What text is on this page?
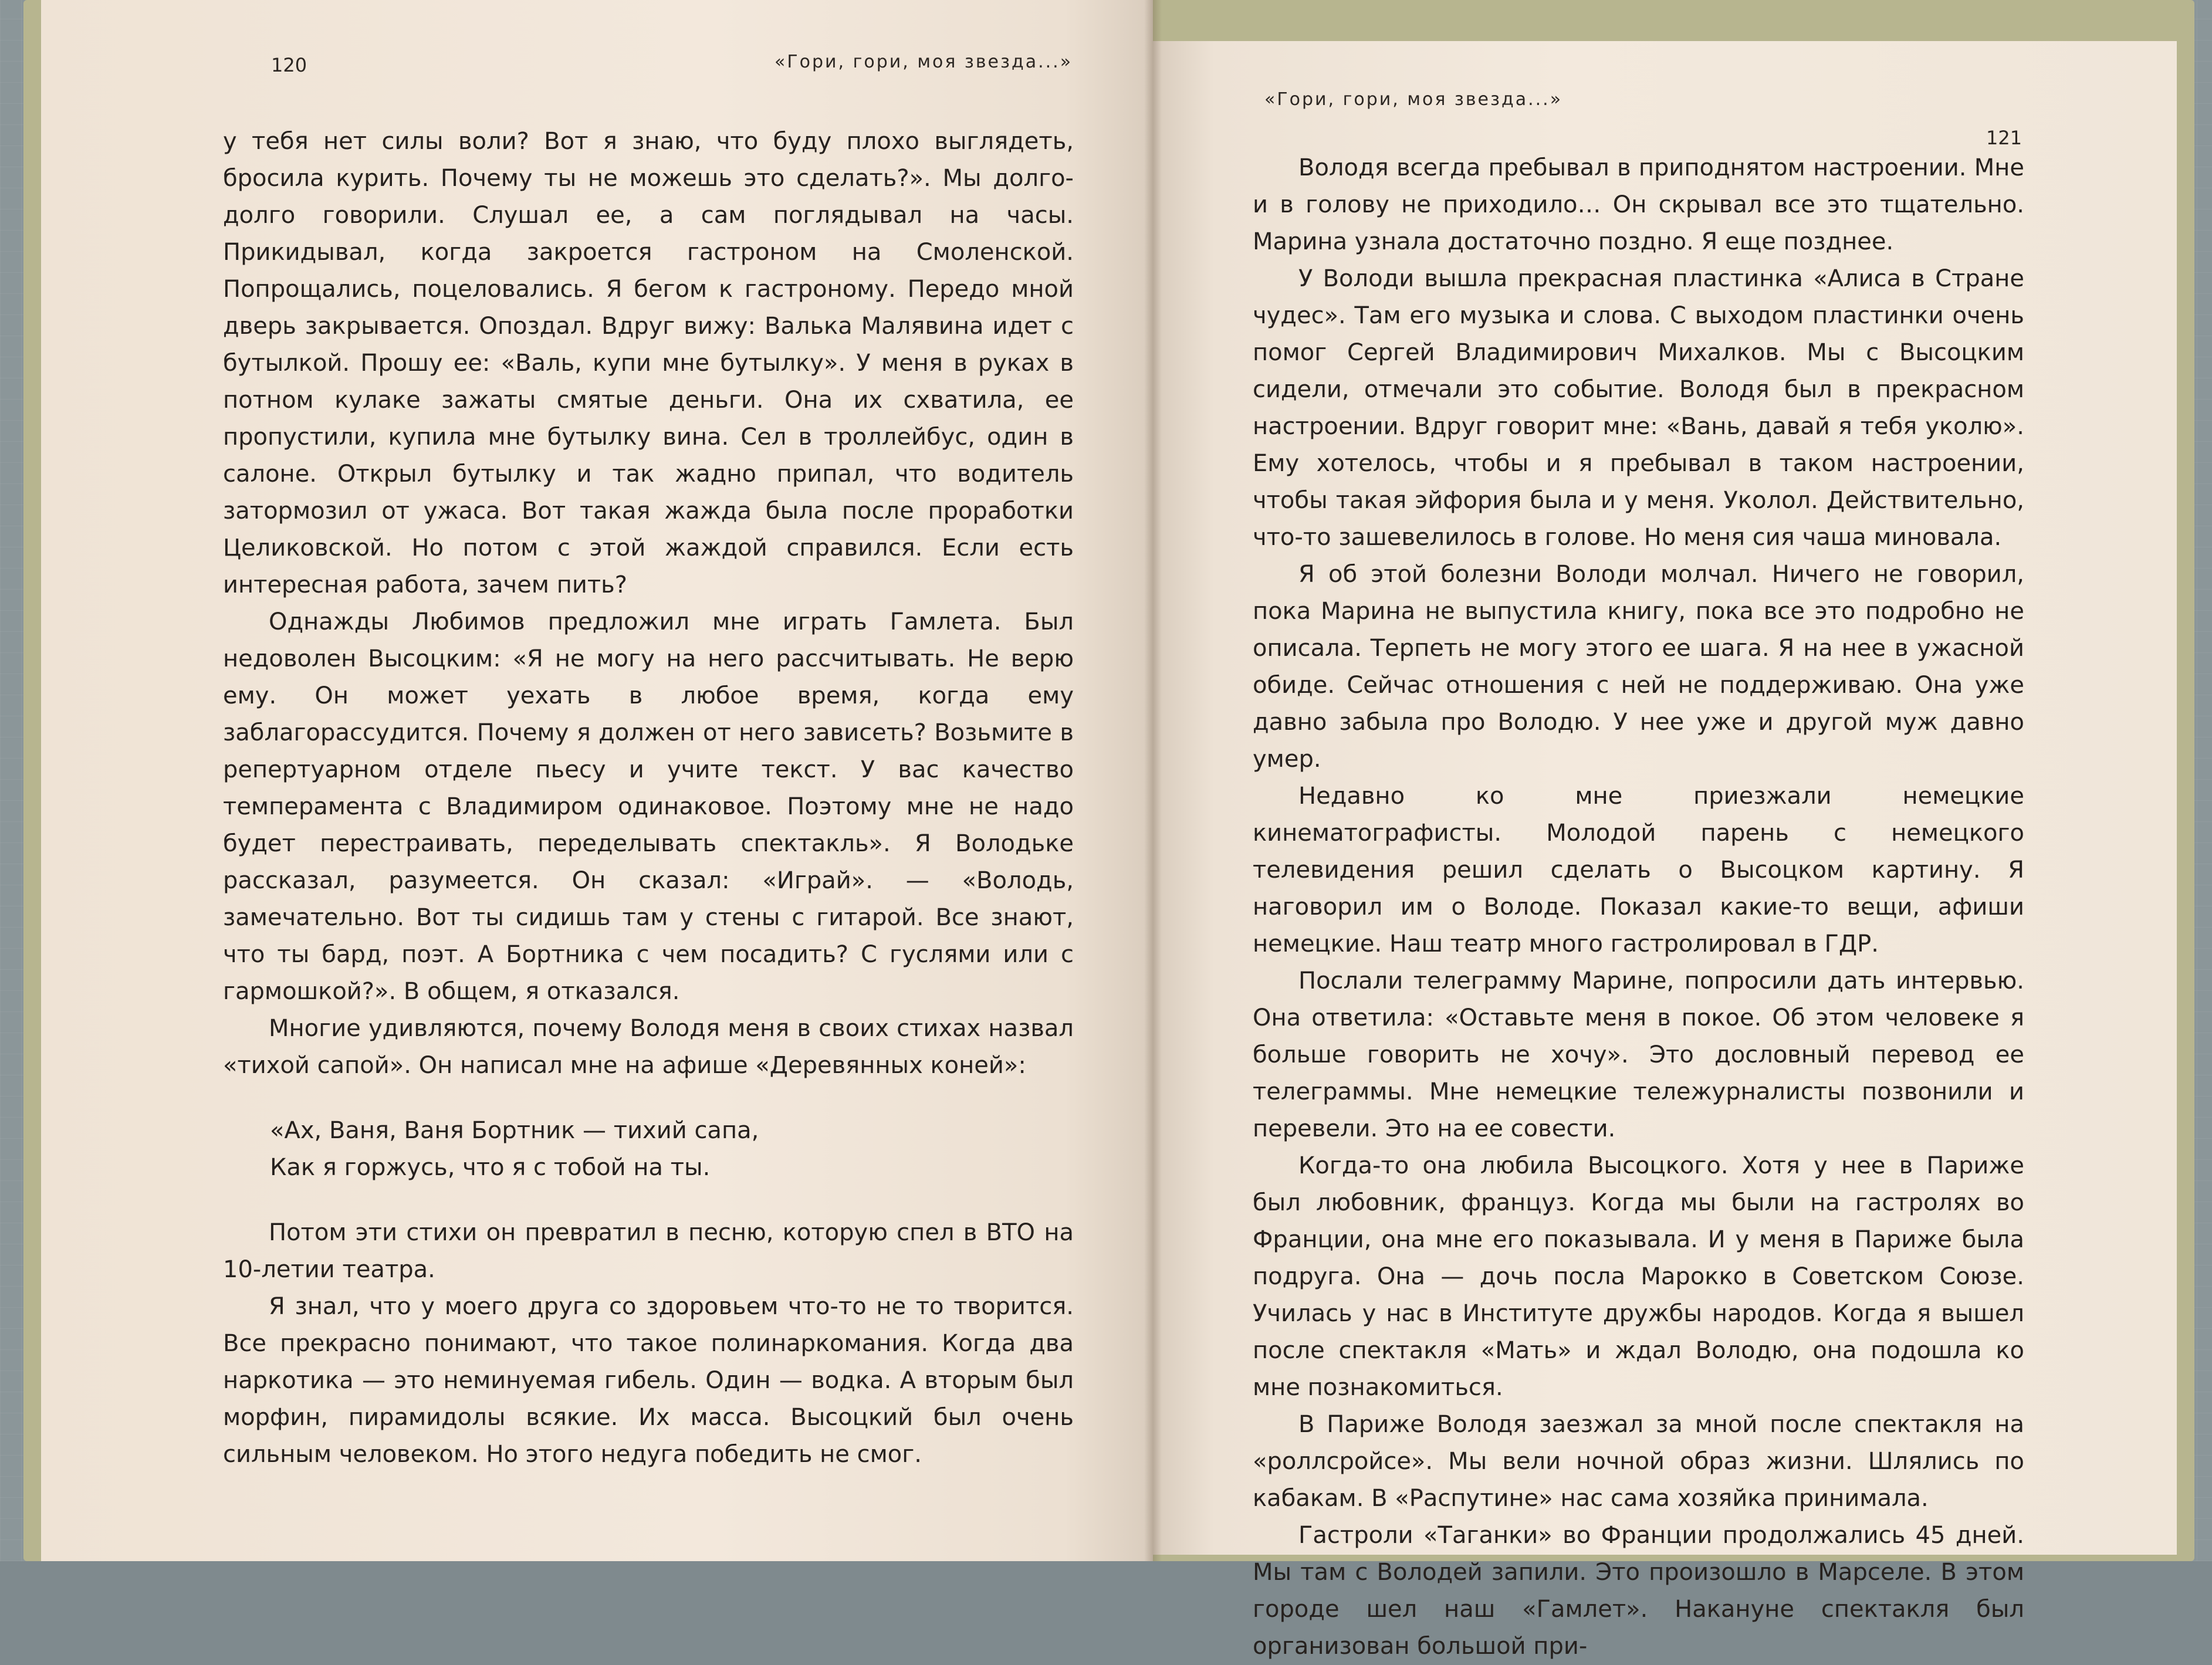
120	«Гори, гори, моя звезда...»
«Гори, гори, моя звезда...»
121

у тебя нет силы воли? Вот я знаю, что буду плохо выглядеть, бросила курить. Почему ты не можешь это сделать?». Мы долго-долго говорили. Слушал ее, а сам поглядывал на часы. Прикидывал, когда закроется гастроном на Смоленской. Попрощались, поцеловались. Я бегом к гастроному. Передо мной дверь закрывается. Опоздал. Вдруг вижу: Валька Малявина идет с бутылкой. Прошу ее: «Валь, купи мне бутылку». У меня в руках в потном кулаке зажаты смятые деньги. Она их схватила, ее пропустили, купила мне бутылку вина. Сел в троллейбус, один в салоне. Открыл бутылку и так жадно припал, что водитель затормозил от ужаса. Вот такая жажда была после проработки Целиковской. Но потом с этой жаждой справился. Если есть интересная работа, зачем пить?

Однажды Любимов предложил мне играть Гамлета. Был недоволен Высоцким: «Я не могу на него рассчитывать. Не верю ему. Он может уехать в любое время, когда ему заблагорассудится. Почему я должен от него зависеть? Возьмите в репертуарном отделе пьесу и учите текст. У вас качество темперамента с Владимиром одинаковое. Поэтому мне не надо будет перестраивать, переделывать спектакль». Я Володьке рассказал, разумеется. Он сказал: «Играй». — «Володь, замечательно. Вот ты сидишь там у стены с гитарой. Все знают, что ты бард, поэт. А Бортника с чем посадить? С гуслями или с гармошкой?». В общем, я отказался.

Многие удивляются, почему Володя меня в своих стихах назвал «тихой сапой». Он написал мне на афише «Деревянных коней»:

«Ах, Ваня, Ваня Бортник — тихий сапа,
Как я горжусь, что я с тобой на ты.

Потом эти стихи он превратил в песню, которую спел в ВТО на 10-летии театра.

Я знал, что у моего друга со здоровьем что-то не то творится. Все прекрасно понимают, что такое полинаркомания. Когда два наркотика — это неминуемая гибель. Один — водка. А вторым был морфин, пирамидолы всякие. Их масса. Высоцкий был очень сильным человеком. Но этого недуга победить не смог.

Володя всегда пребывал в приподнятом настроении. Мне и в голову не приходило… Он скрывал все это тщательно. Марина узнала достаточно поздно. Я еще позднее.

У Володи вышла прекрасная пластинка «Алиса в Стране чудес». Там его музыка и слова. С выходом пластинки очень помог Сергей Владимирович Михалков. Мы с Высоцким сидели, отмечали это событие. Володя был в прекрасном настроении. Вдруг говорит мне: «Вань, давай я тебя уколю». Ему хотелось, чтобы и я пребывал в таком настроении, чтобы такая эйфория была и у меня. Уколол. Действительно, что-то зашевелилось в голове. Но меня сия чаша миновала.

Я об этой болезни Володи молчал. Ничего не говорил, пока Марина не выпустила книгу, пока все это подробно не описала. Терпеть не могу этого ее шага. Я на нее в ужасной обиде. Сейчас отношения с ней не поддерживаю. Она уже давно забыла про Володю. У нее уже и другой муж давно умер.

Недавно ко мне приезжали немецкие кинематографисты. Молодой парень с немецкого телевидения решил сделать о Высоцком картину. Я наговорил им о Володе. Показал какие-то вещи, афиши немецкие. Наш театр много гастролировал в ГДР.

Послали телеграмму Марине, попросили дать интервью. Она ответила: «Оставьте меня в покое. Об этом человеке я больше говорить не хочу». Это дословный перевод ее телеграммы. Мне немецкие тележурналисты позвонили и перевели. Это на ее совести.

Когда-то она любила Высоцкого. Хотя у нее в Париже был любовник, француз. Когда мы были на гастролях во Франции, она мне его показывала. И у меня в Париже была подруга. Она — дочь посла Марокко в Советском Союзе. Училась у нас в Институте дружбы народов. Когда я вышел после спектакля «Мать» и ждал Володю, она подошла ко мне познакомиться.

В Париже Володя заезжал за мной после спектакля на «роллсройсе». Мы вели ночной образ жизни. Шлялись по кабакам. В «Распутине» нас сама хозяйка принимала.

Гастроли «Таганки» во Франции продолжались 45 дней. Мы там с Володей запили. Это произошло в Марселе. В этом городе шел наш «Гамлет». Накануне спектакля был организован большой при-
